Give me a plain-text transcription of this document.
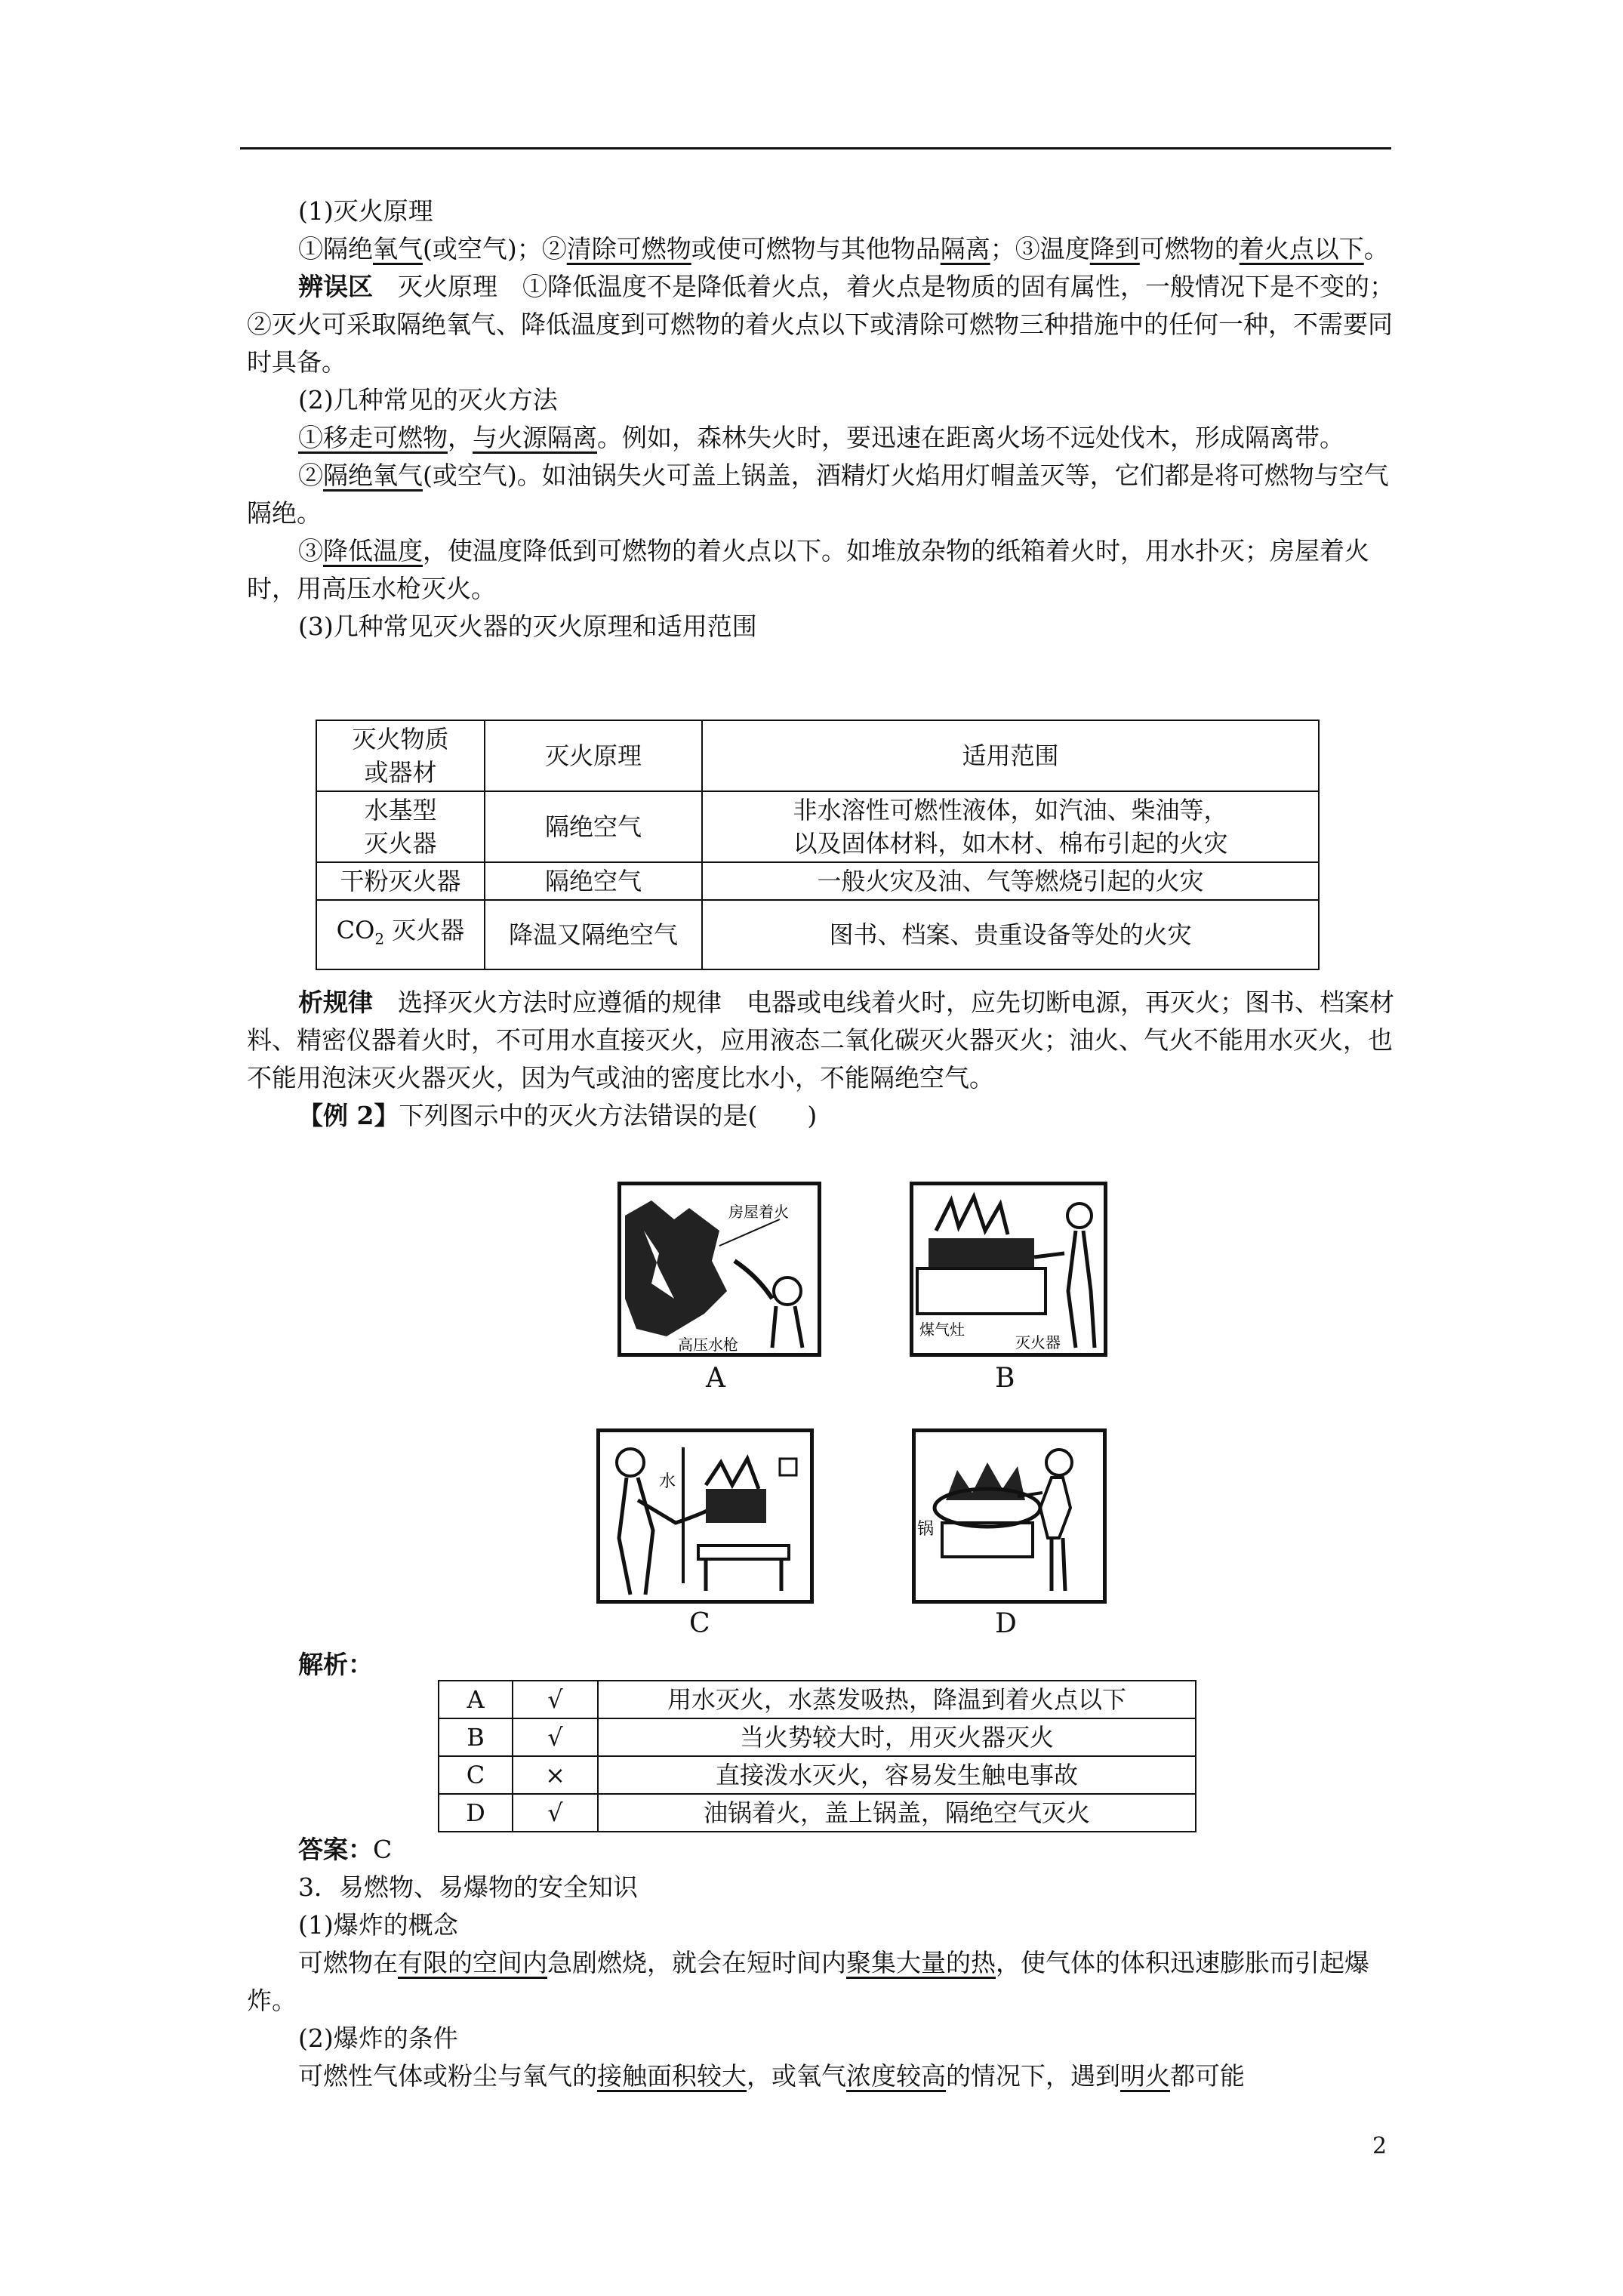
(1)灭火原理

①隔绝氧气(或空气)；②清除可燃物或使可燃物与其他物品隔离；③温度降到可燃物的着火点以下。

辨误区　灭火原理　①降低温度不是降低着火点，着火点是物质的固有属性，一般情况下是不变的；②灭火可采取隔绝氧气、降低温度到可燃物的着火点以下或清除可燃物三种措施中的任何一种，不需要同时具备。

(2)几种常见的灭火方法

①移走可燃物，与火源隔离。例如，森林失火时，要迅速在距离火场不远处伐木，形成隔离带。

②隔绝氧气(或空气)。如油锅失火可盖上锅盖，酒精灯火焰用灯帽盖灭等，它们都是将可燃物与空气隔绝。

③降低温度，使温度降低到可燃物的着火点以下。如堆放杂物的纸箱着火时，用水扑灭；房屋着火时，用高压水枪灭火。

(3)几种常见灭火器的灭火原理和适用范围

灭火物质
或器材	灭火原理	适用范围
水基型
灭火器	隔绝空气	非水溶性可燃性液体，如汽油、柴油等，
以及固体材料，如木材、棉布引起的火灾
干粉灭火器	隔绝空气	一般火灾及油、气等燃烧引起的火灾
$CO_2$ 灭火器	降温又隔绝空气	图书、档案、贵重设备等处的火灾

析规律　选择灭火方法时应遵循的规律　电器或电线着火时，应先切断电源，再灭火；图书、档案材料、精密仪器着火时，不可用水直接灭火，应用液态二氧化碳灭火器灭火；油火、气火不能用水灭火，也不能用泡沫灭火器灭火，因为气或油的密度比水小，不能隔绝空气。

【例 2】下列图示中的灭火方法错误的是(　　)

房屋着火
高压水枪
A
煤气灶
灭火器
B
水
C
锅
D

解析：

A	√	用水灭火，水蒸发吸热，降温到着火点以下
B	√	当火势较大时，用灭火器灭火
C	×	直接泼水灭火，容易发生触电事故
D	√	油锅着火，盖上锅盖，隔绝空气灭火

答案：C

3．易燃物、易爆物的安全知识

(1)爆炸的概念

可燃物在有限的空间内急剧燃烧，就会在短时间内聚集大量的热，使气体的体积迅速膨胀而引起爆炸。

(2)爆炸的条件

可燃性气体或粉尘与氧气的接触面积较大，或氧气浓度较高的情况下，遇到明火都可能

2
